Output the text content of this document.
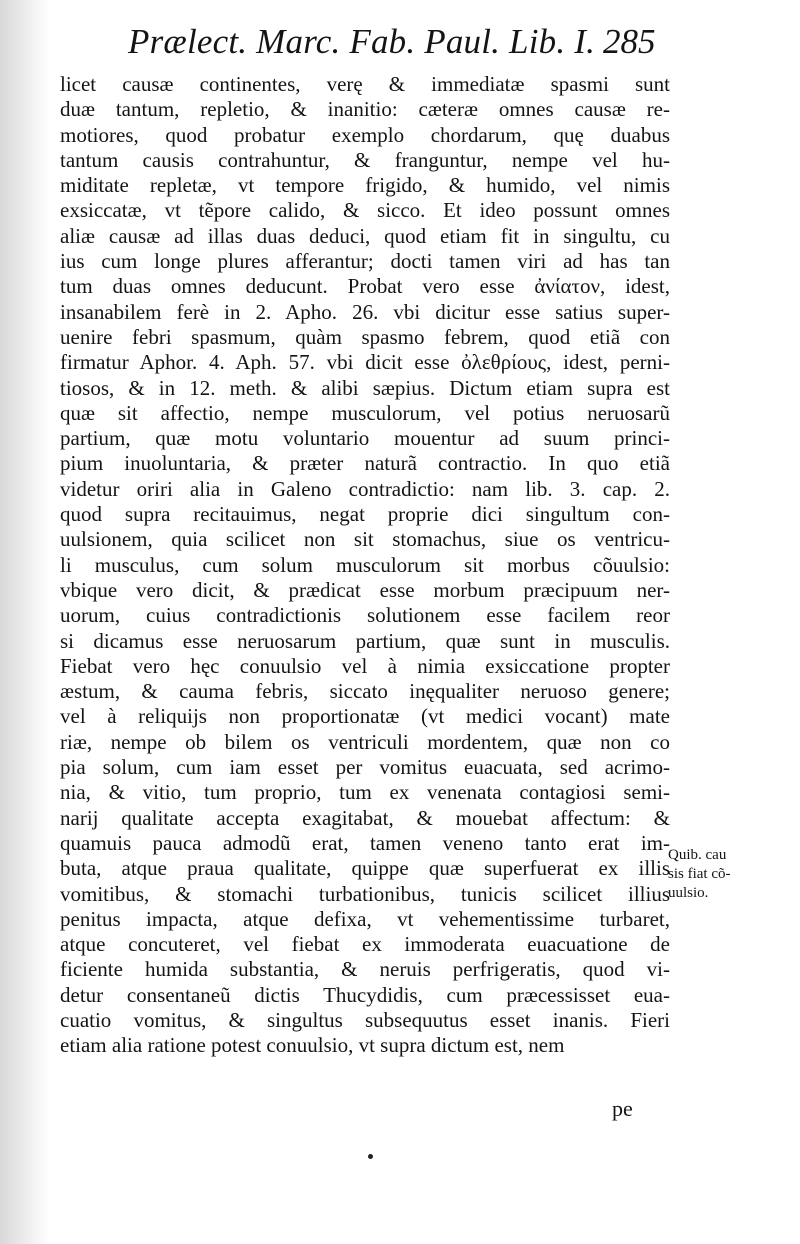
Prælect. Marc. Fab. Paul. Lib. I. 285
licet causæ continentes, verę & immediatæ spasmi sunt
duæ tantum, repletio, & inanitio: cæteræ omnes causæ re-
motiores, quod probatur exemplo chordarum, quę duabus
tantum causis contrahuntur, & franguntur, nempe vel hu-
miditate repletæ, vt tempore frigido, & humido, vel nimis
exsiccatæ, vt tẽpore calido, & sicco. Et ideo possunt omnes
aliæ causæ ad illas duas deduci, quod etiam fit in singultu, cu
ius cum longe plures afferantur; docti tamen viri ad has tan
tum duas omnes deducunt. Probat vero esse ἀνίατον, idest,
insanabilem ferè in 2. Apho. 26. vbi dicitur esse satius super-
uenire febri spasmum, quàm spasmo febrem, quod etiã con
firmatur Aphor. 4. Aph. 57. vbi dicit esse ὀλεθρίους, idest, perni-
tiosos, & in 12. meth. & alibi sæpius. Dictum etiam supra est
quæ sit affectio, nempe musculorum, vel potius neruosarũ
partium, quæ motu voluntario mouentur ad suum princi-
pium inuoluntaria, & præter naturã contractio. In quo etiã
videtur oriri alia in Galeno contradictio: nam lib. 3. cap. 2.
quod supra recitauimus, negat proprie dici singultum con-
uulsionem, quia scilicet non sit stomachus, siue os ventricu-
li musculus, cum solum musculorum sit morbus cõuulsio:
vbique vero dicit, & prædicat esse morbum præcipuum ner-
uorum, cuius contradictionis solutionem esse facilem reor
si dicamus esse neruosarum partium, quæ sunt in musculis.
Fiebat vero hęc conuulsio vel à nimia exsiccatione propter
æstum, & cauma febris, siccato inęqualiter neruoso genere;
vel à reliquijs non proportionatæ (vt medici vocant) mate
riæ, nempe ob bilem os ventriculi mordentem, quæ non co
pia solum, cum iam esset per vomitus euacuata, sed acrimo-
nia, & vitio, tum proprio, tum ex venenata contagiosi semi-
narij qualitate accepta exagitabat, & mouebat affectum: &
quamuis pauca admodũ erat, tamen veneno tanto erat im-
buta, atque praua qualitate, quippe quæ superfuerat ex illis
vomitibus, & stomachi turbationibus, tunicis scilicet illius
penitus impacta, atque defixa, vt vehementissime turbaret,
atque concuteret, vel fiebat ex immoderata euacuatione de
ficiente humida substantia, & neruis perfrigeratis, quod vi-
detur consentaneũ dictis Thucydidis, cum præcessisset eua-
cuatio vomitus, & singultus subsequutus esset inanis. Fieri
etiam alia ratione potest conuulsio, vt supra dictum est, nem
pe
Quib. cau
sis fiat cõ-
uulsio.
